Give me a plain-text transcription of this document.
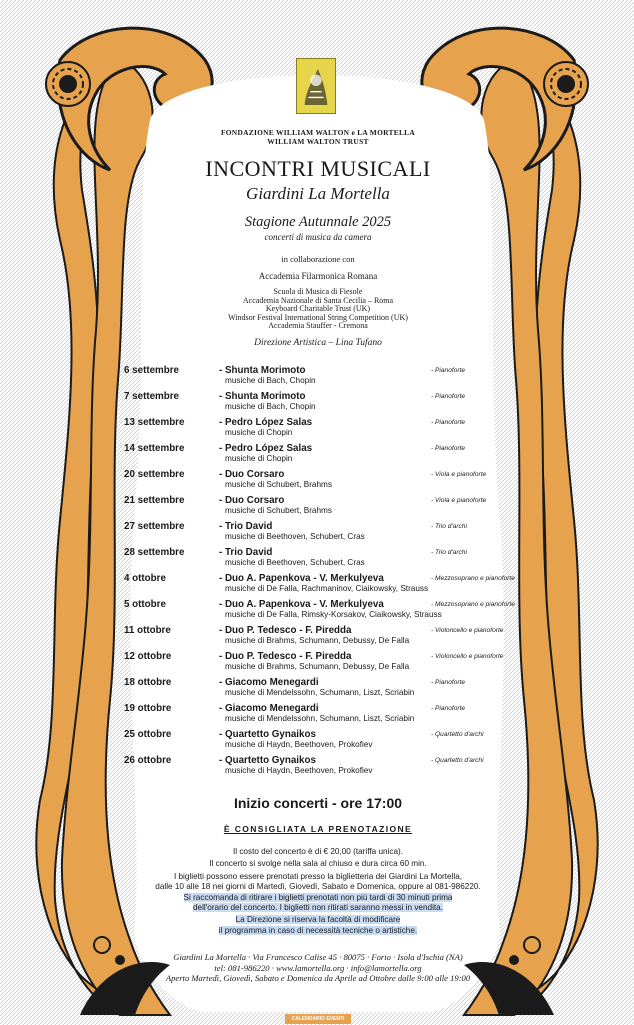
FONDAZIONE WILLIAM WALTON e LA MORTELLA
WILLIAM WALTON TRUST
INCONTRI MUSICALI
Giardini La Mortella
Stagione Autunnale 2025
concerti di musica da camera
in collaborazione con
Accademia Filarmonica Romana
Scuola di Musica di Fiesole
Accademia Nazionale di Santa Cecilia – Roma
Keyboard Charitable Trust (UK)
Windsor Festival International String Competition (UK)
Accademia Stauffer - Cremona
Direzione Artistica – Lina Tufano
6 settembre	- Shunta Morimoto
musiche di Bach, Chopin
- Pianoforte
7 settembre	- Shunta Morimoto
musiche di Bach, Chopin
- Pianoforte
13 settembre	- Pedro López Salas
musiche di Chopin
- Pianoforte
14 settembre	- Pedro López Salas
musiche di Chopin
- Pianoforte
20 settembre	- Duo Corsaro
musiche di Schubert, Brahms
- Viola e pianoforte
21 settembre	- Duo Corsaro
musiche di Schubert, Brahms
- Viola e pianoforte
27 settembre	- Trio David
musiche di Beethoven, Schubert, Cras
- Trio d'archi
28 settembre	- Trio David
musiche di Beethoven, Schubert, Cras
- Trio d'archi
4 ottobre	- Duo A. Papenkova - V. Merkulyeva
musiche di De Falla, Rachmaninov, Ciaikowsky, Strauss
- Mezzosoprano e pianoforte
5 ottobre	- Duo A. Papenkova - V. Merkulyeva
musiche di De Falla, Rimsky-Korsakov, Ciaikowsky, Strauss
- Mezzosoprano e pianoforte
11 ottobre	- Duo P. Tedesco - F. Piredda
musiche di Brahms, Schumann, Debussy, De Falla
- Violoncello e pianoforte
12 ottobre	- Duo P. Tedesco - F. Piredda
musiche di Brahms, Schumann, Debussy, De Falla
- Violoncello e pianoforte
18 ottobre	- Giacomo Menegardi
musiche di Mendelssohn, Schumann, Liszt, Scriabin
- Pianoforte
19 ottobre	- Giacomo Menegardi
musiche di Mendelssohn, Schumann, Liszt, Scriabin
- Pianoforte
25 ottobre	- Quartetto Gynaikos
musiche di Haydn, Beethoven, Prokofiev
- Quartetto d'archi
26 ottobre	- Quartetto Gynaikos
musiche di Haydn, Beethoven, Prokofiev
- Quartetto d'archi
Inizio concerti - ore 17:00
È CONSIGLIATA LA PRENOTAZIONE

Il costo del concerto è di € 20,00 (tariffa unica).

Il concerto si svolge nella sala al chiuso e dura circa 60 min.

I biglietti possono essere prenotati presso la biglietteria dei Giardini La Mortella,
dalle 10 alle 18 nei giorni di Martedì, Giovedì, Sabato e Domenica, oppure al 081-986220.

Si raccomanda di ritirare i biglietti prenotati non più tardi di 30 minuti prima
dell'orario del concerto. I biglietti non ritirati saranno messi in vendita.

La Direzione si riserva la facoltà di modificare
il programma in caso di necessità tecniche o artistiche.

Giardini La Mortella · Via Francesco Calise 45 · 80075 · Forio · Isola d'Ischia (NA)
tel: 081-986220 · www.lamortella.org · info@lamortella.org
Aperto Martedì, Giovedì, Sabato e Domenica da Aprile ad Ottobre dalle 9:00 alle 19:00
CALENDARIO EVENTI
